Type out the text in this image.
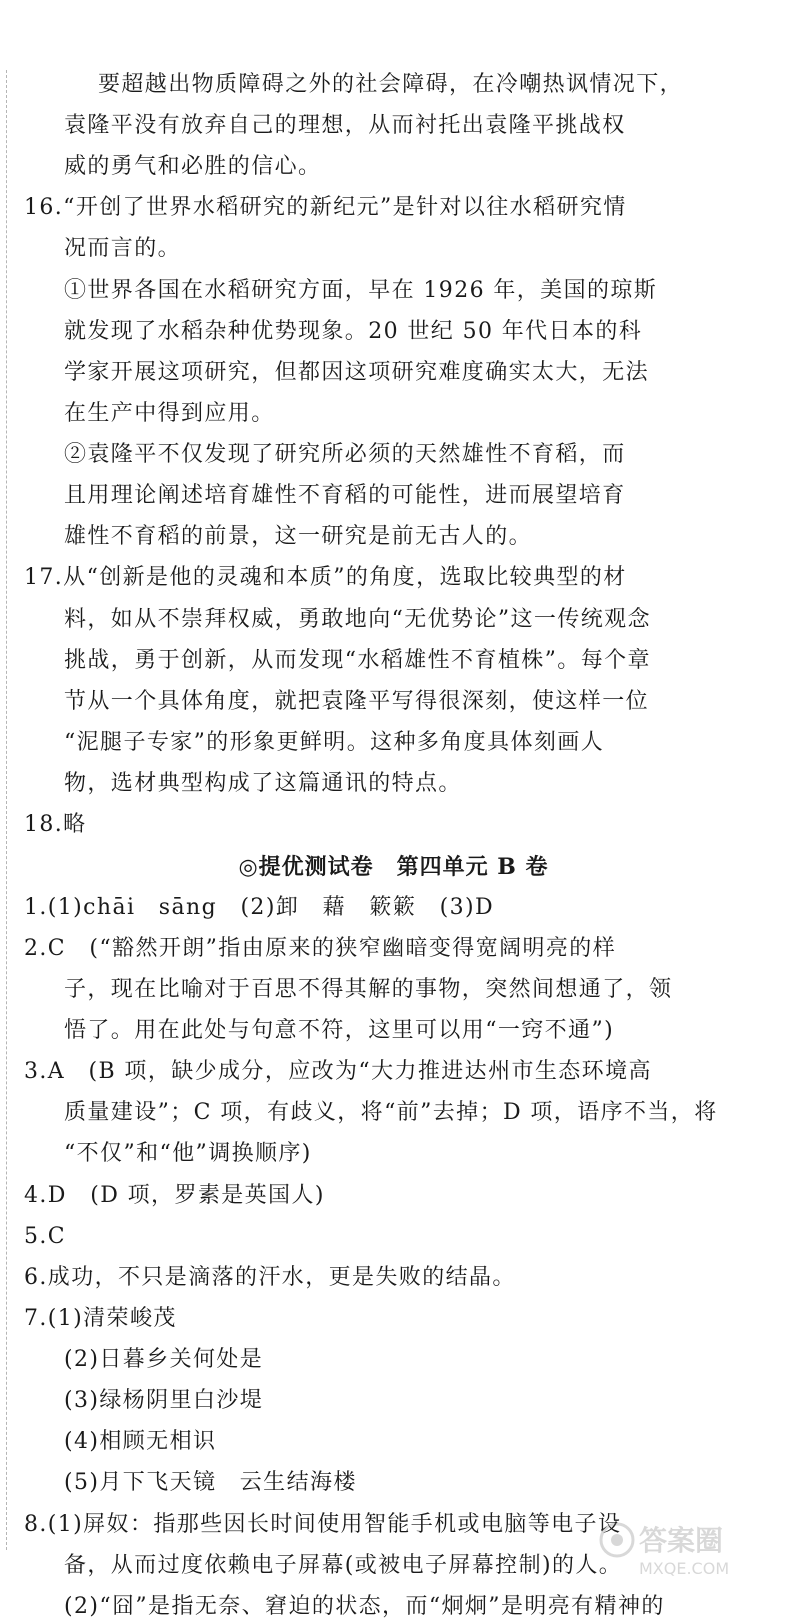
要超越出物质障碍之外的社会障碍，在冷嘲热讽情况下，
袁隆平没有放弃自己的理想，从而衬托出袁隆平挑战权
威的勇气和必胜的信心。
16.“开创了世界水稻研究的新纪元”是针对以往水稻研究情
况而言的。
①世界各国在水稻研究方面，早在 1926 年，美国的琼斯
就发现了水稻杂种优势现象。20 世纪 50 年代日本的科
学家开展这项研究，但都因这项研究难度确实太大，无法
在生产中得到应用。
②袁隆平不仅发现了研究所必须的天然雄性不育稻，而
且用理论阐述培育雄性不育稻的可能性，进而展望培育
雄性不育稻的前景，这一研究是前无古人的。
17.从“创新是他的灵魂和本质”的角度，选取比较典型的材
料，如从不崇拜权威，勇敢地向“无优势论”这一传统观念
挑战，勇于创新，从而发现“水稻雄性不育植株”。每个章
节从一个具体角度，就把袁隆平写得很深刻，使这样一位
“泥腿子专家”的形象更鲜明。这种多角度具体刻画人
物，选材典型构成了这篇通讯的特点。
18.略
◎提优测试卷　第四单元 B 卷
1.(1)chāi　sāng　(2)卸　藉　簌簌　(3)D
2.C　(“豁然开朗”指由原来的狭窄幽暗变得宽阔明亮的样
子，现在比喻对于百思不得其解的事物，突然间想通了，领
悟了。用在此处与句意不符，这里可以用“一窍不通”)
3.A　(B 项，缺少成分，应改为“大力推进达州市生态环境高
质量建设”；C 项，有歧义，将“前”去掉；D 项，语序不当，将
“不仅”和“他”调换顺序)
4.D　(D 项，罗素是英国人)
5.C
6.成功，不只是滴落的汗水，更是失败的结晶。
7.(1)清荣峻茂
(2)日暮乡关何处是
(3)绿杨阴里白沙堤
(4)相顾无相识
(5)月下飞天镜　云生结海楼
8.(1)屏奴：指那些因长时间使用智能手机或电脑等电子设
备，从而过度依赖电子屏幕(或被电子屏幕控制)的人。
(2)“囧”是指无奈、窘迫的状态，而“炯炯”是明亮有精神的
答案圈
MXQE.COM
